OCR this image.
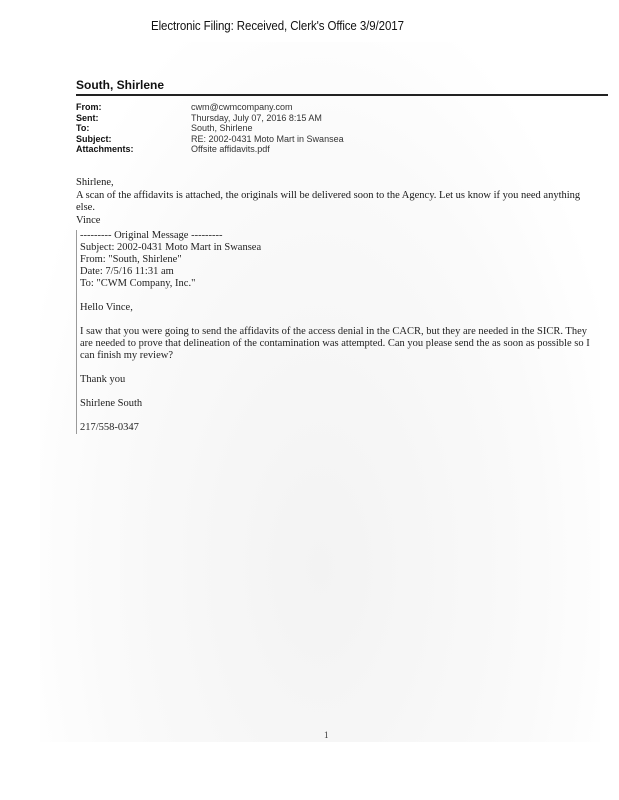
Electronic Filing: Received, Clerk's Office 3/9/2017
South, Shirlene
From:	cwm@cwmcompany.com
Sent:	Thursday, July 07, 2016 8:15 AM
To:	South, Shirlene
Subject:	RE: 2002-0431 Moto Mart in Swansea
Attachments:	Offsite affidavits.pdf

Shirlene,

A scan of the affidavits is attached, the originals will be delivered soon to the Agency. Let us know if you need anything else.

Vince

--------- Original Message ---------
Subject: 2002-0431 Moto Mart in Swansea
From: "South, Shirlene"
Date: 7/5/16 11:31 am
To: "CWM Company, Inc."
Hello Vince,
I saw that you were going to send the affidavits of the access denial in the CACR, but they are needed in the SICR. They are needed to prove that delineation of the contamination was attempted. Can you please send the as soon as possible so I can finish my review?
Thank you
Shirlene South
217/558-0347
1
